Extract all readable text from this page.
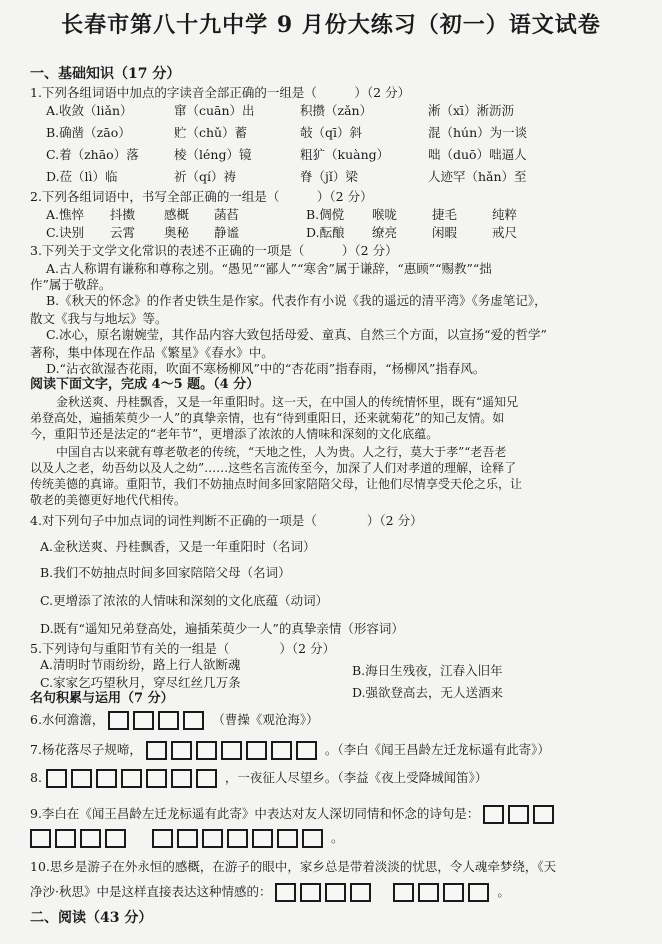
长春市第八十九中学 9 月份大练习（初一）语文试卷
一、基础知识（17 分）
1.下列各组词语中加点的字读音全部正确的一组是（　　　）（2 分）
A.收敛（liǎn）	窜（cuān）出	积攒（zǎn）	淅（xī）淅沥沥
B.确凿（zāo）	贮（chǔ）蓄	敧（qī）斜	混（hún）为一谈
C.着（zhāo）落	棱（léng）镜	粗犷（kuàng）	咄（duō）咄逼人
D.莅（lì）临	祈（qí）祷	脊（jǐ）梁	人迹罕（hǎn）至
2.下列各组词语中，书写全部正确的一组是（　　　）（2 分）
A.憔悴 抖擞 感概 菡萏	B.倜傥 喉咙	捷毛	纯粹
C.诀别 云霄 奥秘 静谧	D.酝酿 缭亮	闲暇	戒尺
3.下列关于文学文化常识的表述不正确的一项是（　　　）（2 分）
A.古人称谓有谦称和尊称之别。“愚见”“鄙人”“寒舍”属于谦辞，“惠顾”“赐教”“拙
作”属于敬辞。
B.《秋天的怀念》的作者史铁生是作家。代表作有小说《我的遥远的清平湾》《务虚笔记》，
散文《我与与地坛》等。
C.冰心，原名谢婉莹，其作品内容大致包括母爱、童真、自然三个方面，以宣扬“爱的哲学”
著称，集中体现在作品《繁星》《春水》中。
D.“沾衣欲湿杏花雨，吹面不寒杨柳风”中的“杏花雨”指春雨，“杨柳风”指春风。
阅读下面文字，完成 4～5 题。（4 分）
金秋送爽、丹桂飘香，又是一年重阳时。这一天，在中国人的传统情怀里，既有“遥知兄
弟登高处，遍插茱萸少一人”的真挚亲情，也有“待到重阳日，还来就菊花”的知己友情。如
今，重阳节还是法定的“老年节”，更增添了浓浓的人情味和深刻的文化底蕴。
中国自古以来就有尊老敬老的传统，“天地之性，人为贵。人之行，莫大于孝”“老吾老
以及人之老，幼吾幼以及人之幼”……这些名言流传至今，加深了人们对孝道的理解，诠释了
传统美德的真谛。重阳节，我们不妨抽点时间多回家陪陪父母，让他们尽情享受天伦之乐，让
敬老的美德更好地代代相传。
4.对下列句子中加点词的词性判断不正确的一项是（　　　　）（2 分）
A.金秋送爽、丹桂飘香，又是一年重阳时（名词）
B.我们不妨抽点时间多回家陪陪父母（名词）
C.更增添了浓浓的人情味和深刻的文化底蕴（动词）
D.既有“遥知兄弟登高处，遍插茱萸少一人”的真挚亲情（形容词）
5.下列诗句与重阳节有关的一组是（　　　　）（2 分）
A.清明时节雨纷纷，路上行人欲断魂	B.海日生残夜，江春入旧年
C.家家乞巧望秋月，穿尽红丝几万条
D.强欲登高去，无人送酒来
名句积累与运用（7 分）
6.水何澹澹，	（曹操《观沧海》）
7.杨花落尽子规啼，	。（李白《闻王昌龄左迁龙标遥有此寄》）
8.	，一夜征人尽望乡。（李益《夜上受降城闻笛》）
9.李白在《闻王昌龄左迁龙标遥有此寄》中表达对友人深切同情和怀念的诗句是：
。
10.思乡是游子在外永恒的感概，在游子的眼中，家乡总是带着淡淡的忧思，令人魂牵梦绕，《天
净沙·秋思》中是这样直接表达这种情感的：	。
二、阅读（43 分）
